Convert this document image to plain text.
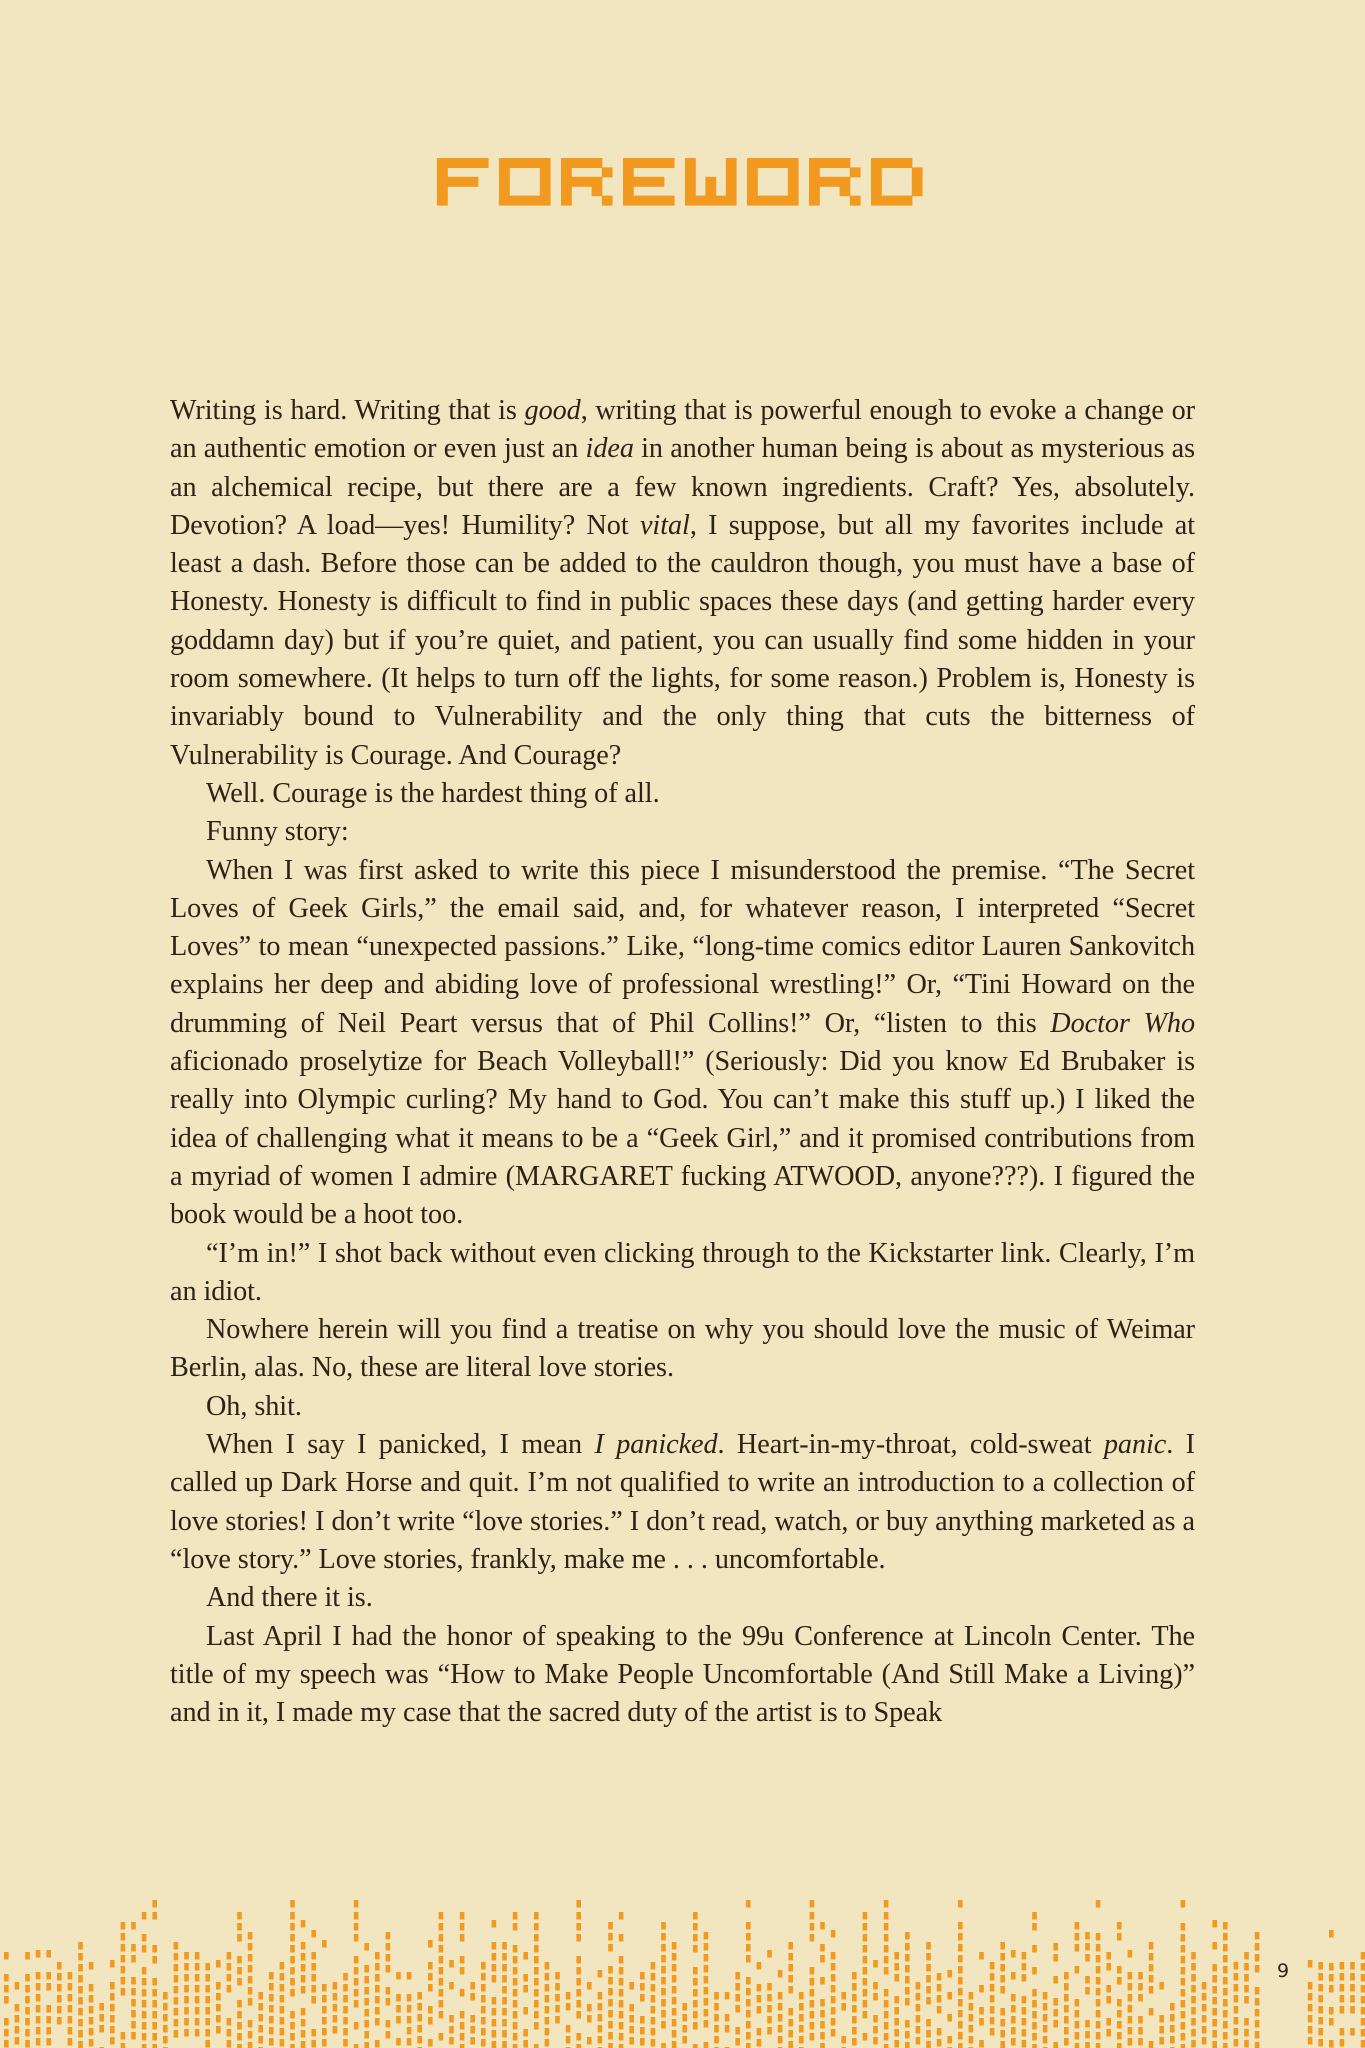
Writing is hard. Writing that is good, writing that is powerful enough to evoke a change or an authentic emotion or even just an idea in another human being is about as mysterious as an alchemical recipe, but there are a few known ingredients. Craft? Yes, absolutely. Devotion? A load—yes! Humility? Not vital, I suppose, but all my favorites include at least a dash. Before those can be added to the cauldron though, you must have a base of Honesty. Honesty is difficult to find in public spaces these days (and getting harder every goddamn day) but if you’re quiet, and patient, you can usually find some hidden in your room somewhere. (It helps to turn off the lights, for some reason.) Problem is, Honesty is invariably bound to Vulnerability and the only thing that cuts the bitterness of Vulnerability is Courage. And Courage?

Well. Courage is the hardest thing of all.

Funny story:

When I was first asked to write this piece I misunderstood the premise. “The Secret Loves of Geek Girls,” the email said, and, for whatever reason, I interpreted “Secret Loves” to mean “unexpected passions.” Like, “long-time comics editor Lauren Sankovitch explains her deep and abiding love of professional wrestling!” Or, “Tini Howard on the drumming of Neil Peart versus that of Phil Collins!” Or, “listen to this Doctor Who aficionado proselytize for Beach Volleyball!” (Seriously: Did you know Ed Brubaker is really into Olympic curling? My hand to God. You can’t make this stuff up.) I liked the idea of challenging what it means to be a “Geek Girl,” and it promised contributions from a myriad of women I admire (MARGARET fucking ATWOOD, anyone???). I figured the book would be a hoot too.

“I’m in!” I shot back without even clicking through to the Kickstarter link. Clearly, I’m an idiot.

Nowhere herein will you find a treatise on why you should love the music of Weimar Berlin, alas. No, these are literal love stories.

Oh, shit.

When I say I panicked, I mean I panicked. Heart-in-my-throat, cold-sweat panic. I called up Dark Horse and quit. I’m not qualified to write an introduction to a collection of love stories! I don’t write “love stories.” I don’t read, watch, or buy anything marketed as a “love story.” Love stories, frankly, make me . . . uncomfortable.

And there it is.

Last April I had the honor of speaking to the 99u Conference at Lincoln Center. The title of my speech was “How to Make People Uncomfortable (And Still Make a Living)” and in it, I made my case that the sacred duty of the artist is to Speak

9
